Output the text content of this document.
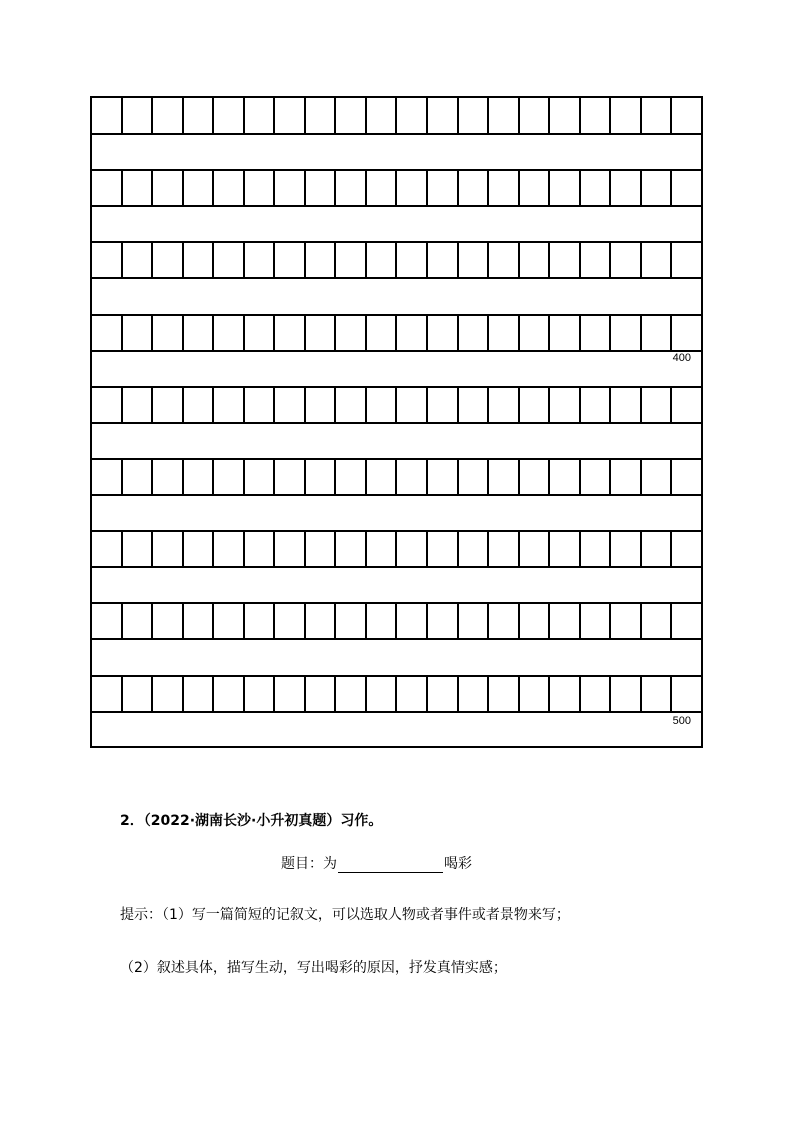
400
500
2．（2022·湖南长沙·小升初真题）习作。
题目：为	喝彩
提示：（1）写一篇简短的记叙文，可以选取人物或者事件或者景物来写；
（2）叙述具体，描写生动，写出喝彩的原因，抒发真情实感；
